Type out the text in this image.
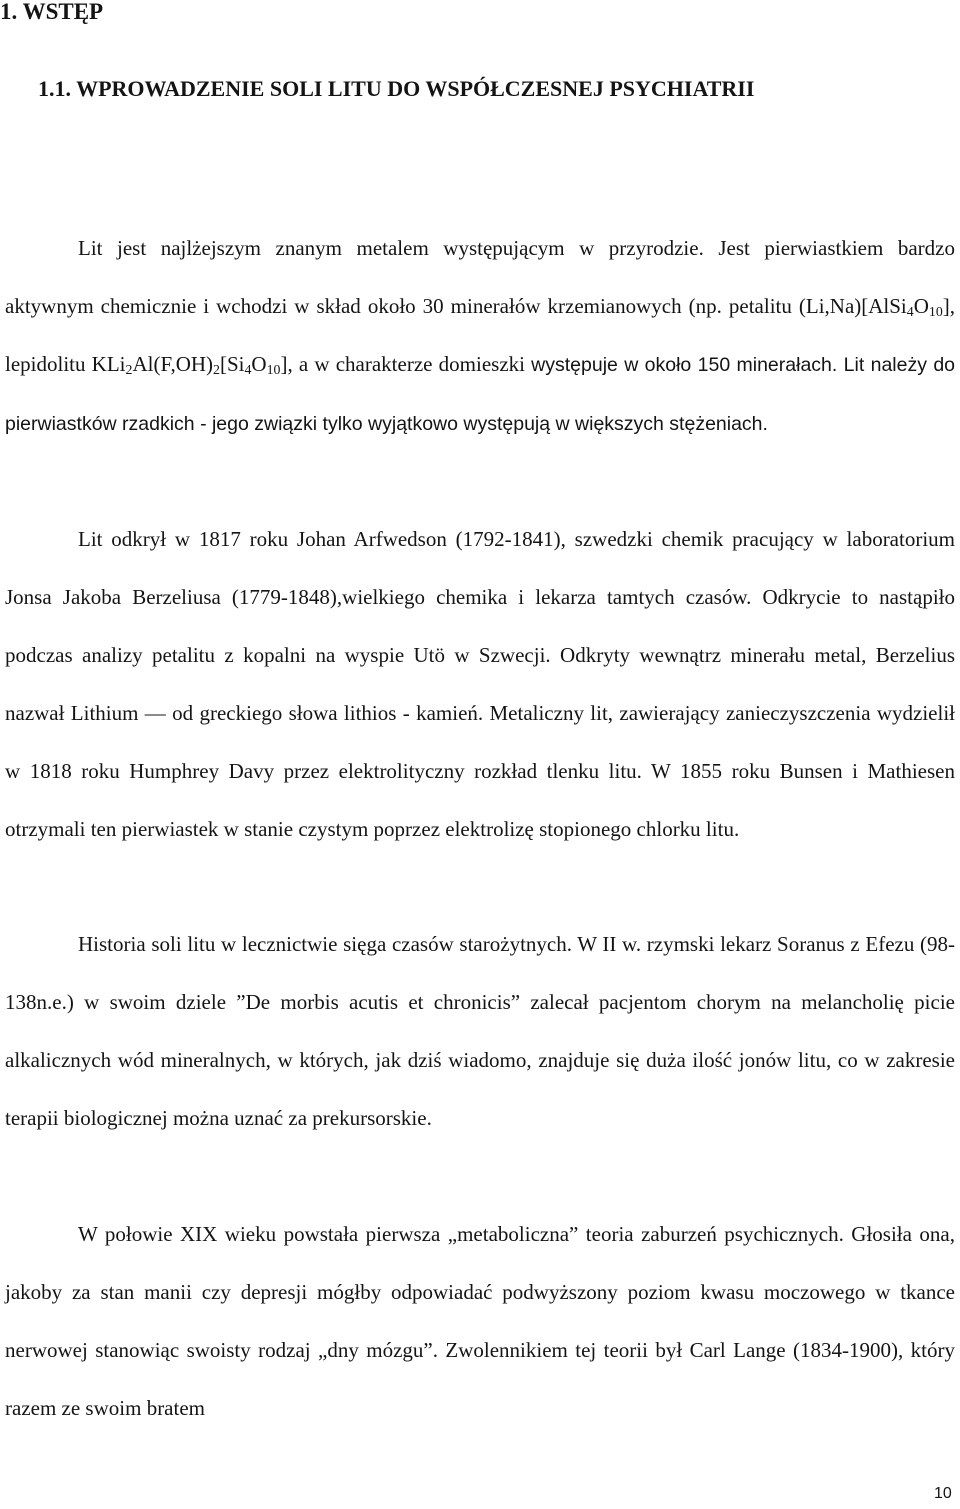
1. WSTĘP
1.1. WPROWADZENIE SOLI LITU DO WSPÓŁCZESNEJ PSYCHIATRII

Lit jest najlżejszym znanym metalem występującym w przyrodzie. Jest pierwiastkiem bardzo aktywnym chemicznie i wchodzi w skład około 30 minerałów krzemianowych (np. petalitu $(Li,Na)[AlSi_4O_{10}]$, lepidolitu $KLi_2Al(F,OH)_2[Si_4O_{10}]$, a w charakterze domieszki występuje w około 150 minerałach. Lit należy do pierwiastków rzadkich - jego związki tylko wyjątkowo występują w większych stężeniach.

Lit odkrył w 1817 roku Johan Arfwedson (1792-1841), szwedzki chemik pracujący w laboratorium Jonsa Jakoba Berzeliusa (1779-1848),wielkiego chemika i lekarza tamtych czasów. Odkrycie to nastąpiło podczas analizy petalitu z kopalni na wyspie Utö w Szwecji. Odkryty wewnątrz minerału metal, Berzelius nazwał Lithium ― od greckiego słowa lithios - kamień. Metaliczny lit, zawierający zanieczyszczenia wydzielił w 1818 roku Humphrey Davy przez elektrolityczny rozkład tlenku litu. W 1855 roku Bunsen i Mathiesen otrzymali ten pierwiastek w stanie czystym poprzez elektrolizę stopionego chlorku litu.

Historia soli litu w lecznictwie sięga czasów starożytnych. W II w. rzymski lekarz Soranus z Efezu (98-138n.e.) w swoim dziele ”De morbis acutis et chronicis” zalecał pacjentom chorym na melancholię picie alkalicznych wód mineralnych, w których, jak dziś wiadomo, znajduje się duża ilość jonów litu, co w zakresie terapii biologicznej można uznać za prekursorskie.

W połowie XIX wieku powstała pierwsza „metaboliczna” teoria zaburzeń psychicznych. Głosiła ona, jakoby za stan manii czy depresji mógłby odpowiadać podwyższony poziom kwasu moczowego w tkance nerwowej stanowiąc swoisty rodzaj „dny mózgu”. Zwolennikiem tej teorii był Carl Lange (1834-1900), który razem ze swoim bratem

10
